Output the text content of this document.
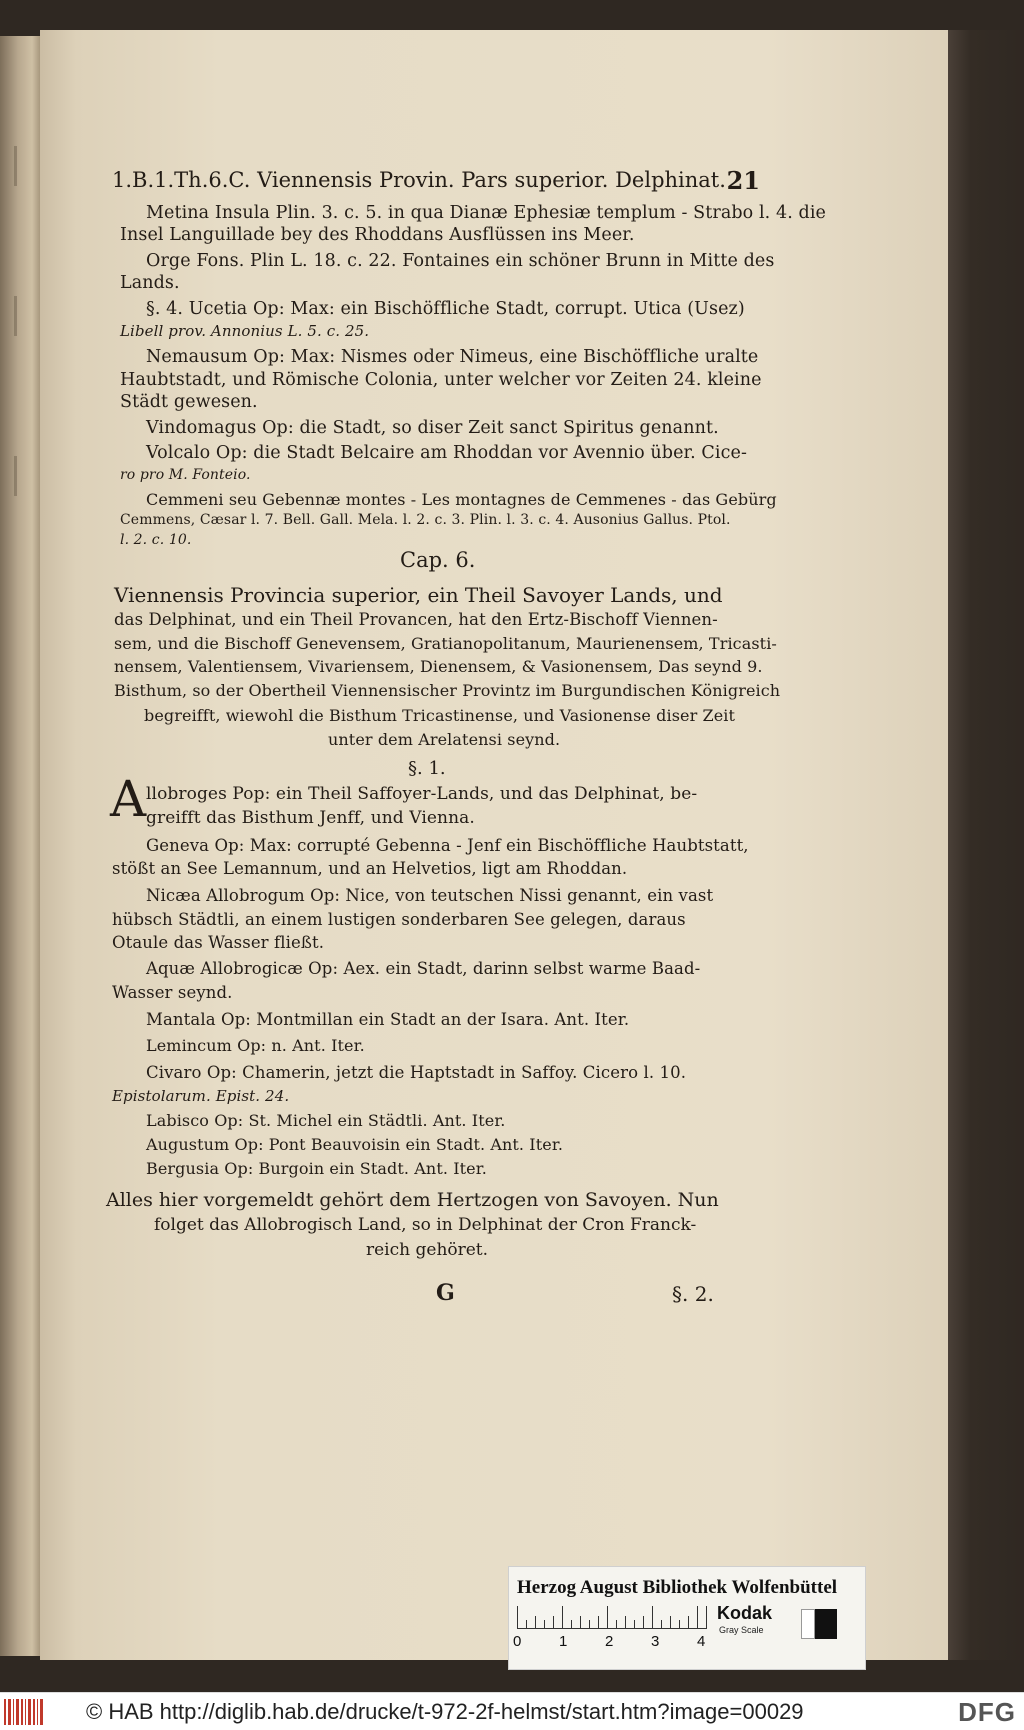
1.B.1.Th.6.C. Viennensis Provin. Pars superior. Delphinat. 21
Metina Insula Plin. 3. c. 5. in qua Dianæ Ephesiæ templum - Strabo l. 4. die
Insel Languillade bey des Rhoddans Ausflüssen ins Meer.
Orge Fons. Plin L. 18. c. 22. Fontaines ein schöner Brunn in Mitte des
Lands.
§. 4. Ucetia Op: Max: ein Bischöffliche Stadt, corrupt. Utica (Usez)
Libell prov. Annonius L. 5. c. 25.
Nemausum Op: Max: Nismes oder Nimeus, eine Bischöffliche uralte
Haubtstadt, und Römische Colonia, unter welcher vor Zeiten 24. kleine
Städt gewesen.
Vindomagus Op: die Stadt, so diser Zeit sanct Spiritus genannt.
Volcalo Op: die Stadt Belcaire am Rhoddan vor Avennio über. Cice-
ro pro M. Fonteio.
Cemmeni seu Gebennæ montes - Les montagnes de Cemmenes - das Gebürg
Cemmens, Cæsar l. 7. Bell. Gall. Mela. l. 2. c. 3. Plin. l. 3. c. 4. Ausonius Gallus. Ptol.
l. 2. c. 10.
Cap. 6.
Viennensis Provincia superior, ein Theil Savoyer Lands, und
das Delphinat, und ein Theil Provancen, hat den Ertz-Bischoff Viennen-
sem, und die Bischoff Genevensem, Gratianopolitanum, Maurienensem, Tricasti-
nensem, Valentiensem, Vivariensem, Dienensem, & Vasionensem, Das seynd 9.
Bisthum, so der Obertheil Viennensischer Provintz im Burgundischen Königreich
begreifft, wiewohl die Bisthum Tricastinense, und Vasionense diser Zeit
unter dem Arelatensi seynd.
§. 1.
A llobroges Pop: ein Theil Saffoyer-Lands, und das Delphinat, be-
greifft das Bisthum Jenff, und Vienna.
Geneva Op: Max: corrupté Gebenna - Jenf ein Bischöffliche Haubtstatt,
stößt an See Lemannum, und an Helvetios, ligt am Rhoddan.
Nicæa Allobrogum Op: Nice, von teutschen Nissi genannt, ein vast
hübsch Städtli, an einem lustigen sonderbaren See gelegen, daraus
Otaule das Wasser fließt.
Aquæ Allobrogicæ Op: Aex. ein Stadt, darinn selbst warme Baad-
Wasser seynd.
Mantala Op: Montmillan ein Stadt an der Isara. Ant. Iter.
Lemincum Op: n. Ant. Iter.
Civaro Op: Chamerin, jetzt die Haptstadt in Saffoy. Cicero l. 10.
Epistolarum. Epist. 24.
Labisco Op: St. Michel ein Städtli. Ant. Iter.
Augustum Op: Pont Beauvoisin ein Stadt. Ant. Iter.
Bergusia Op: Burgoin ein Stadt. Ant. Iter.
Alles hier vorgemeldt gehört dem Hertzogen von Savoyen. Nun
folget das Allobrogisch Land, so in Delphinat der Cron Franck-
reich gehöret.
G	§. 2.
Herzog August Bibliothek Wolfenbüttel
0	1	2	3	4
Kodak
Gray Scale
© HAB http://diglib.hab.de/drucke/t-972-2f-helmst/start.htm?image=00029	DFG
